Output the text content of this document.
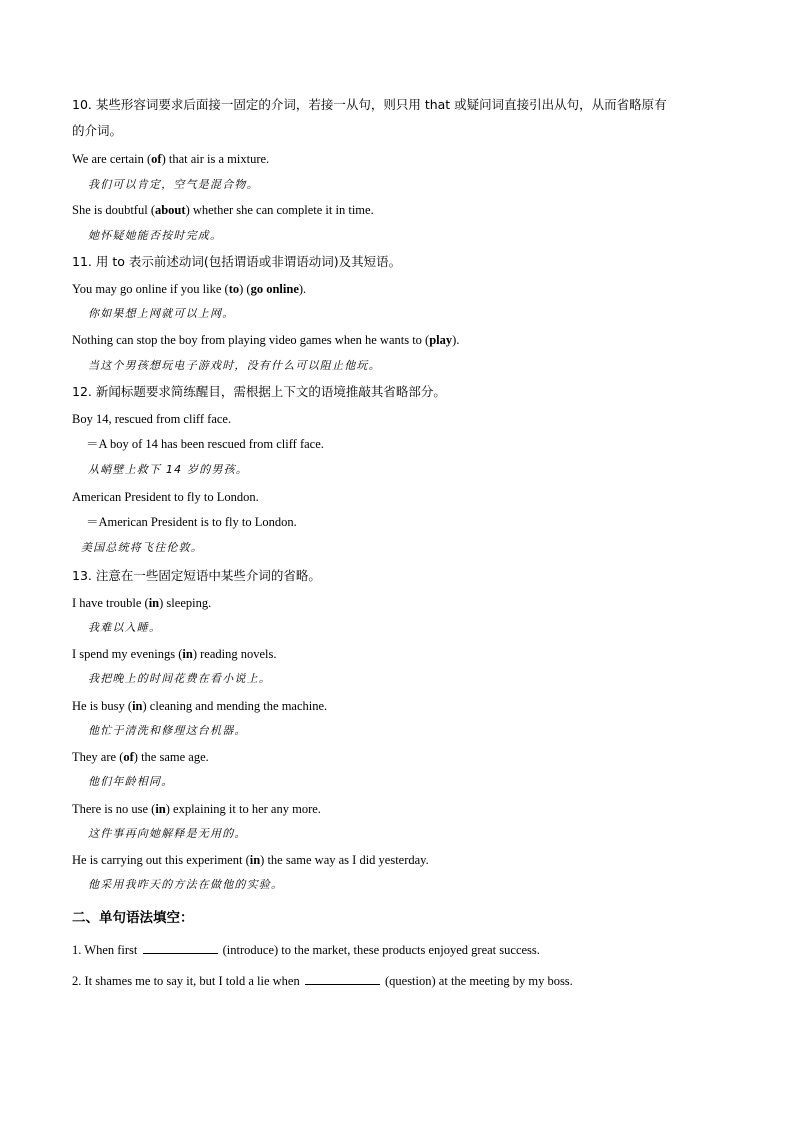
10. 某些形容词要求后面接一固定的介词，若接一从句，则只用 that 或疑问词直接引出从句，从而省略原有
的介词。
We are certain (of) that air is a mixture.
我们可以肯定，空气是混合物。
She is doubtful (about) whether she can complete it in time.
她怀疑她能否按时完成。
11. 用 to 表示前述动词(包括谓语或非谓语动词)及其短语。
You may go online if you like (to) (go online).
你如果想上网就可以上网。
Nothing can stop the boy from playing video games when he wants to (play).
当这个男孩想玩电子游戏时，没有什么可以阻止他玩。
12. 新闻标题要求简练醒目，需根据上下文的语境推敲其省略部分。
Boy 14, rescued from cliff face.
＝A boy of 14 has been rescued from cliff face.
从峭壁上救下 14 岁的男孩。
American President to fly to London.
＝American President is to fly to London.
美国总统将飞往伦敦。
13. 注意在一些固定短语中某些介词的省略。
I have trouble (in) sleeping.
我难以入睡。
I spend my evenings (in) reading novels.
我把晚上的时间花费在看小说上。
He is busy (in) cleaning and mending the machine.
他忙于清洗和修理这台机器。
They are (of) the same age.
他们年龄相同。
There is no use (in) explaining it to her any more.
这件事再向她解释是无用的。
He is carrying out this experiment (in) the same way as I did yesterday.
他采用我昨天的方法在做他的实验。
二、单句语法填空：
1. When first	(introduce) to the market, these products enjoyed great success.
2. It shames me to say it, but I told a lie when	(question) at the meeting by my boss.
